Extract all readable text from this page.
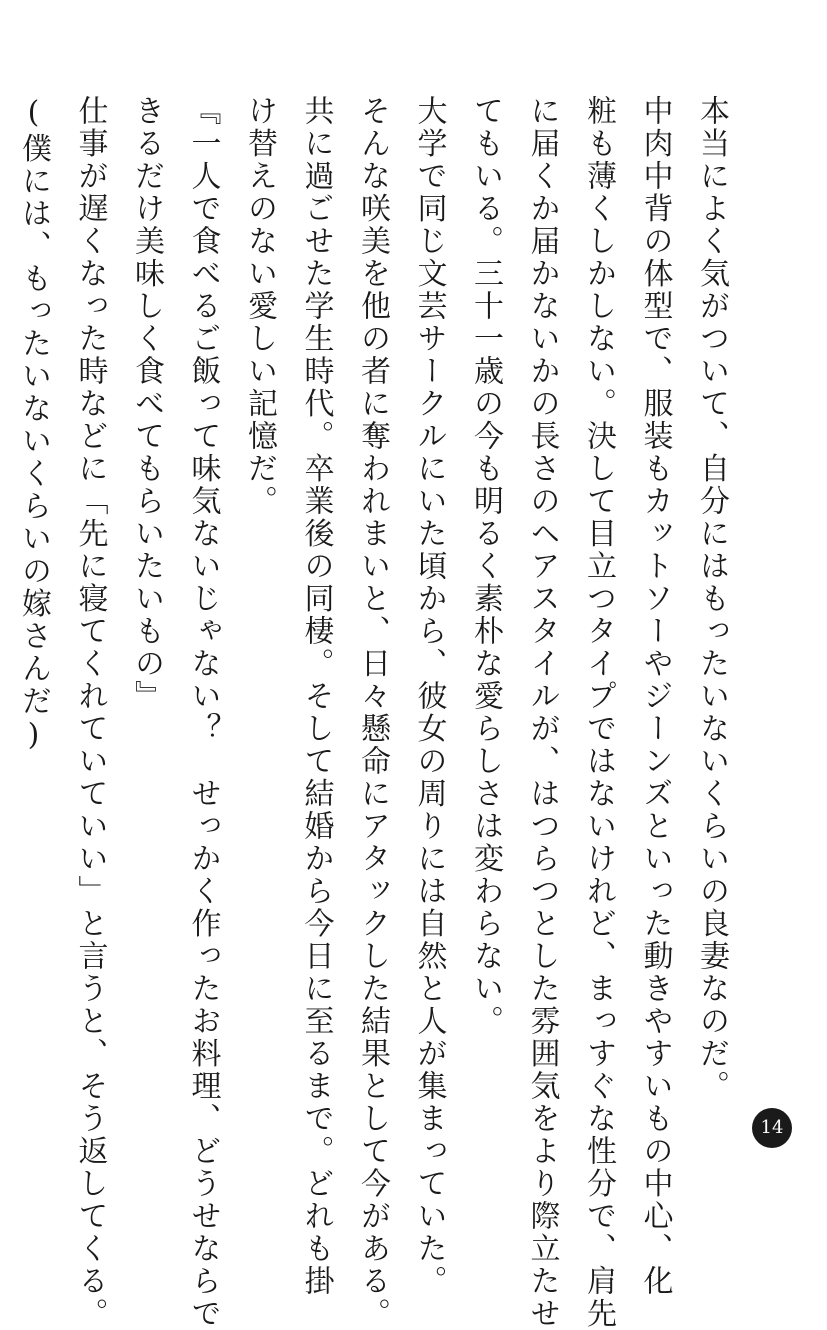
本当によく気がついて、自分にはもったいないくらいの良妻なのだ。
中肉中背の体型で、服装もカットソーやジーンズといった動きやすいもの中心、化
粧も薄くしかしない。決して目立つタイプではないけれど、まっすぐな性分で、肩先
に届くか届かないかの長さのヘアスタイルが、はつらつとした雰囲気をより際立たせ
てもいる。三十一歳の今も明るく素朴な愛らしさは変わらない。
大学で同じ文芸サークルにいた頃から、彼女の周りには自然と人が集まっていた。
そんな咲美を他の者に奪われまいと、日々懸命にアタックした結果として今がある。
共に過ごせた学生時代。卒業後の同棲。そして結婚から今日に至るまで。どれも掛
け替えのない愛しい記憶だ。
『一人で食べるご飯って味気ないじゃない？　せっかく作ったお料理、どうせならで
きるだけ美味しく食べてもらいたいもの』
仕事が遅くなった時などに「先に寝てくれていていい」と言うと、そう返してくる。
(僕には、もったいないくらいの嫁さんだ)
14
